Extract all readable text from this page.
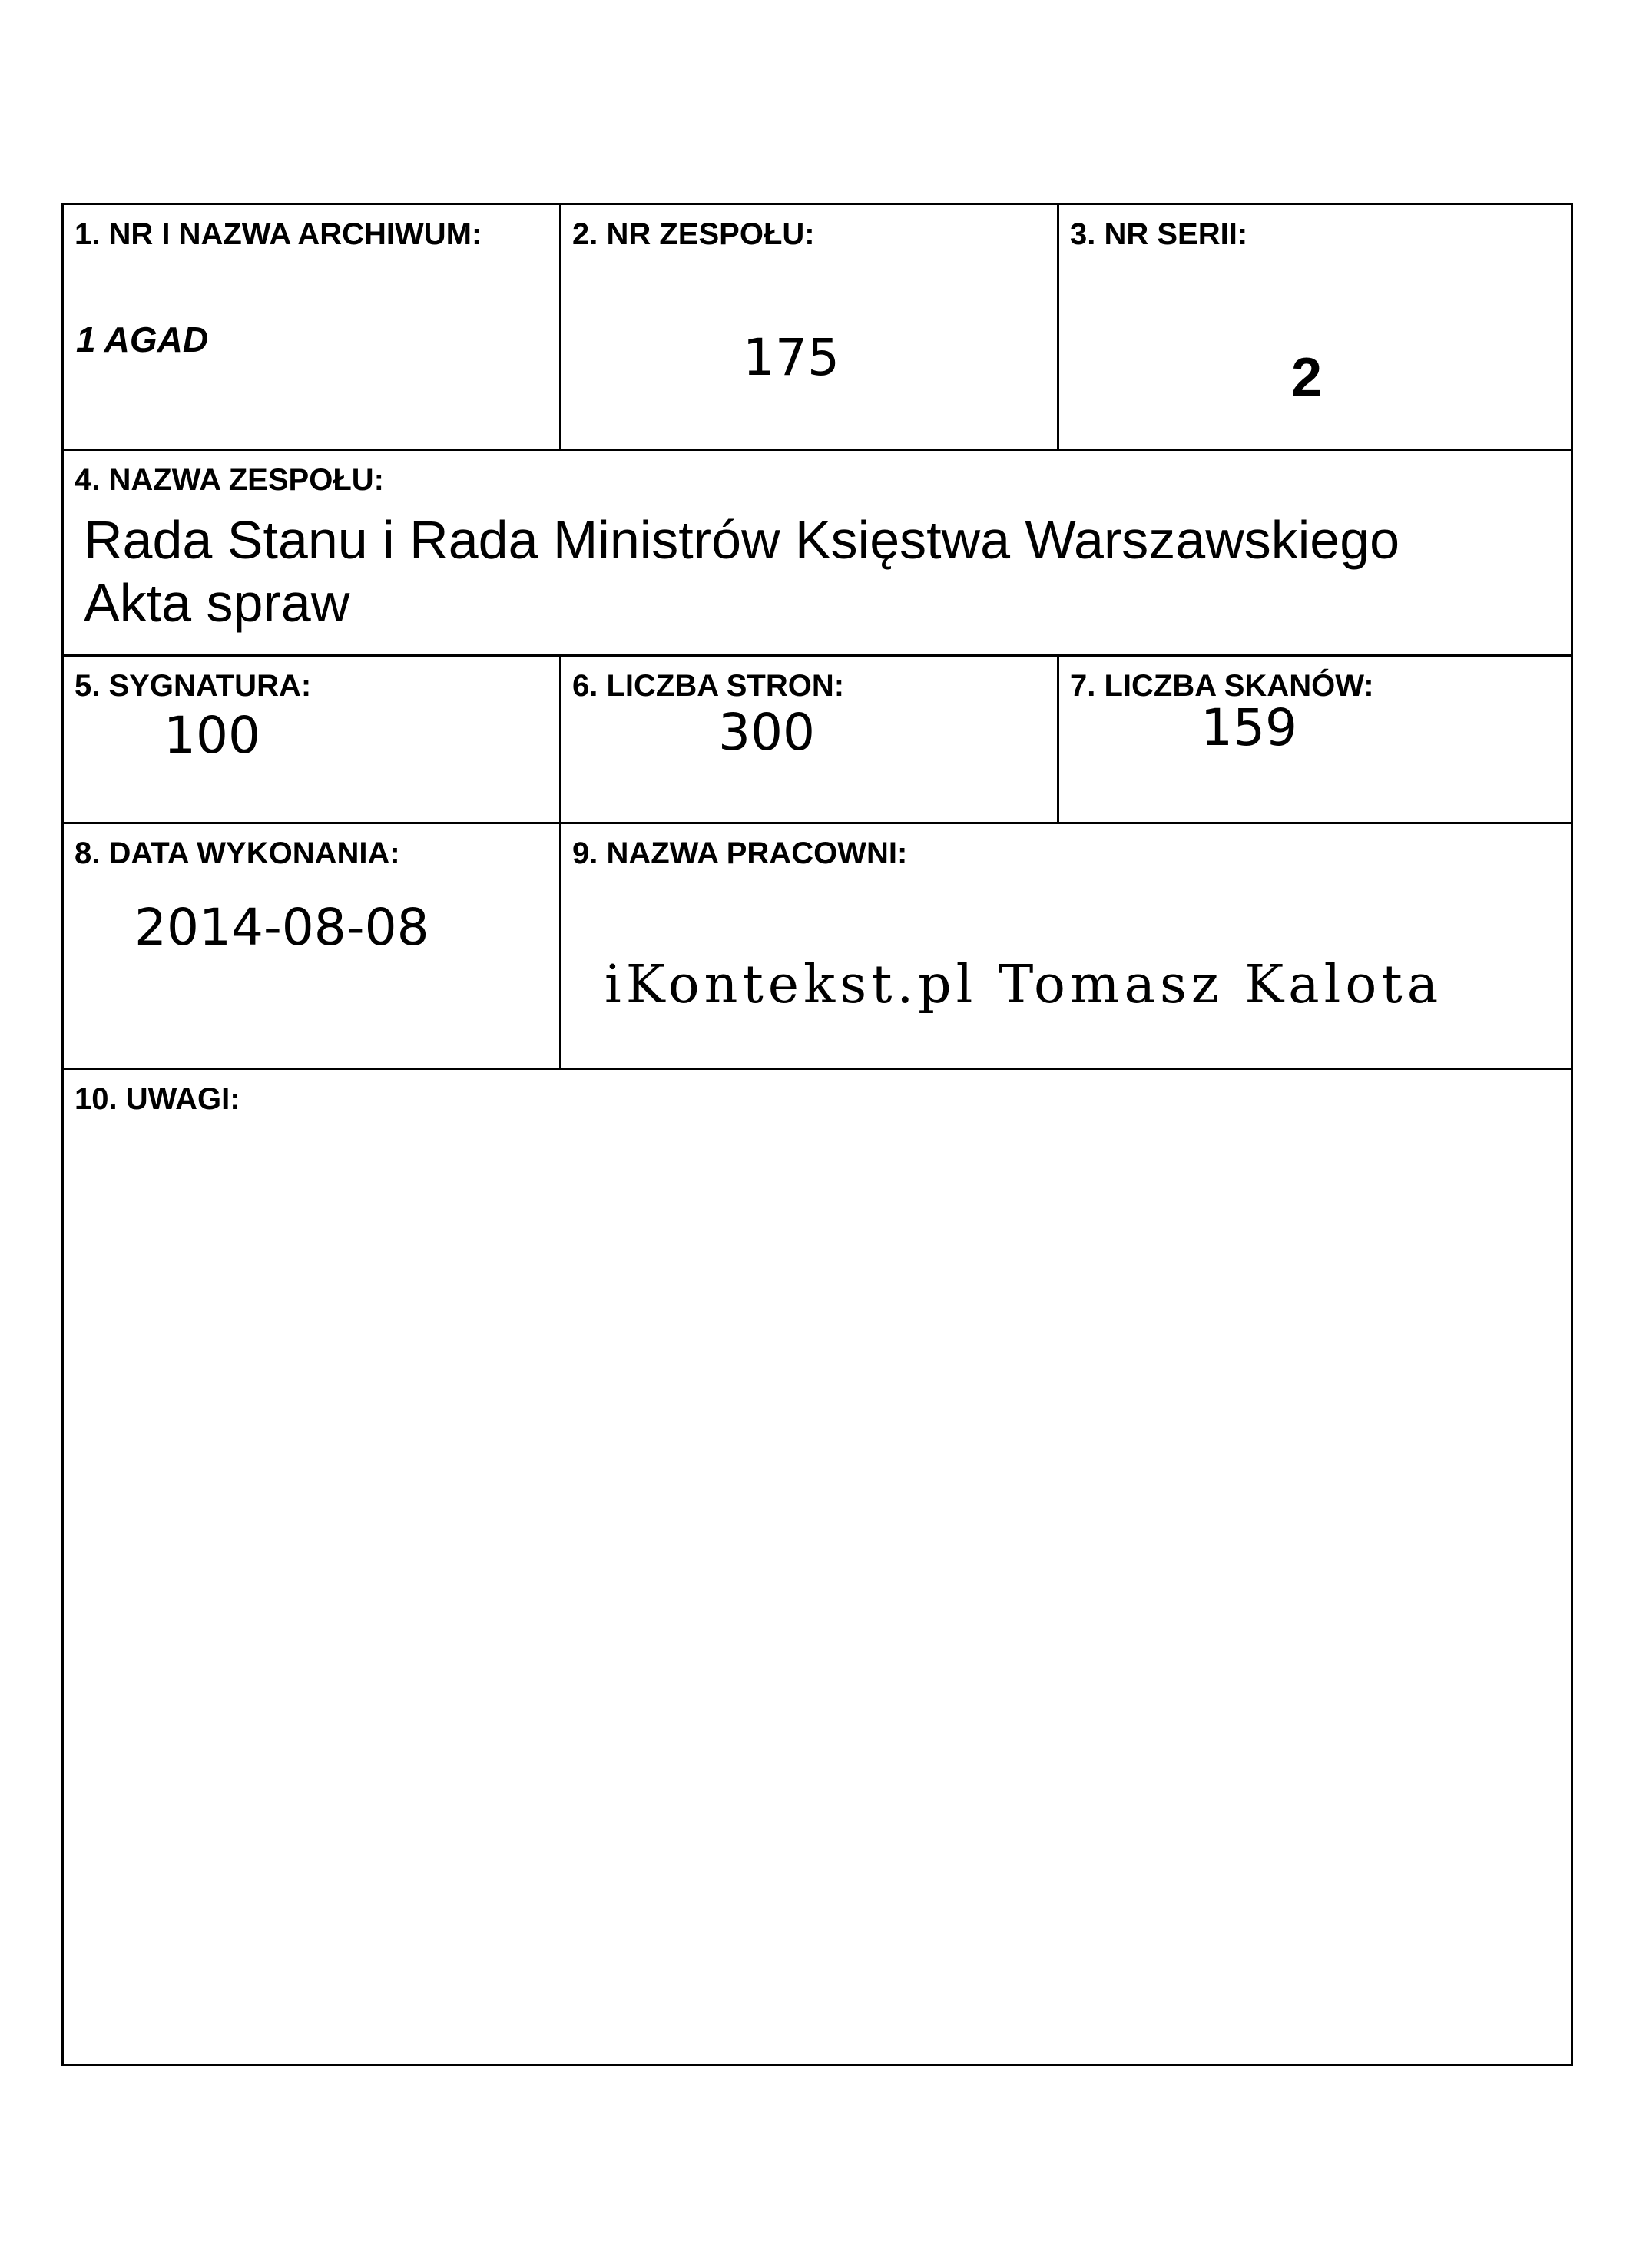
1. NR I NAZWA ARCHIWUM:
1 AGAD
2. NR ZESPOŁU:
175
3. NR SERII:
2
4. NAZWA ZESPOŁU:
Rada Stanu i Rada Ministrów Księstwa Warszawskiego
Akta spraw
5. SYGNATURA:
100
6. LICZBA STRON:
300
7. LICZBA SKANÓW:
159
8. DATA WYKONANIA:
2014-08-08
9. NAZWA PRACOWNI:
iKontekst.pl Tomasz Kalota
10. UWAGI:
